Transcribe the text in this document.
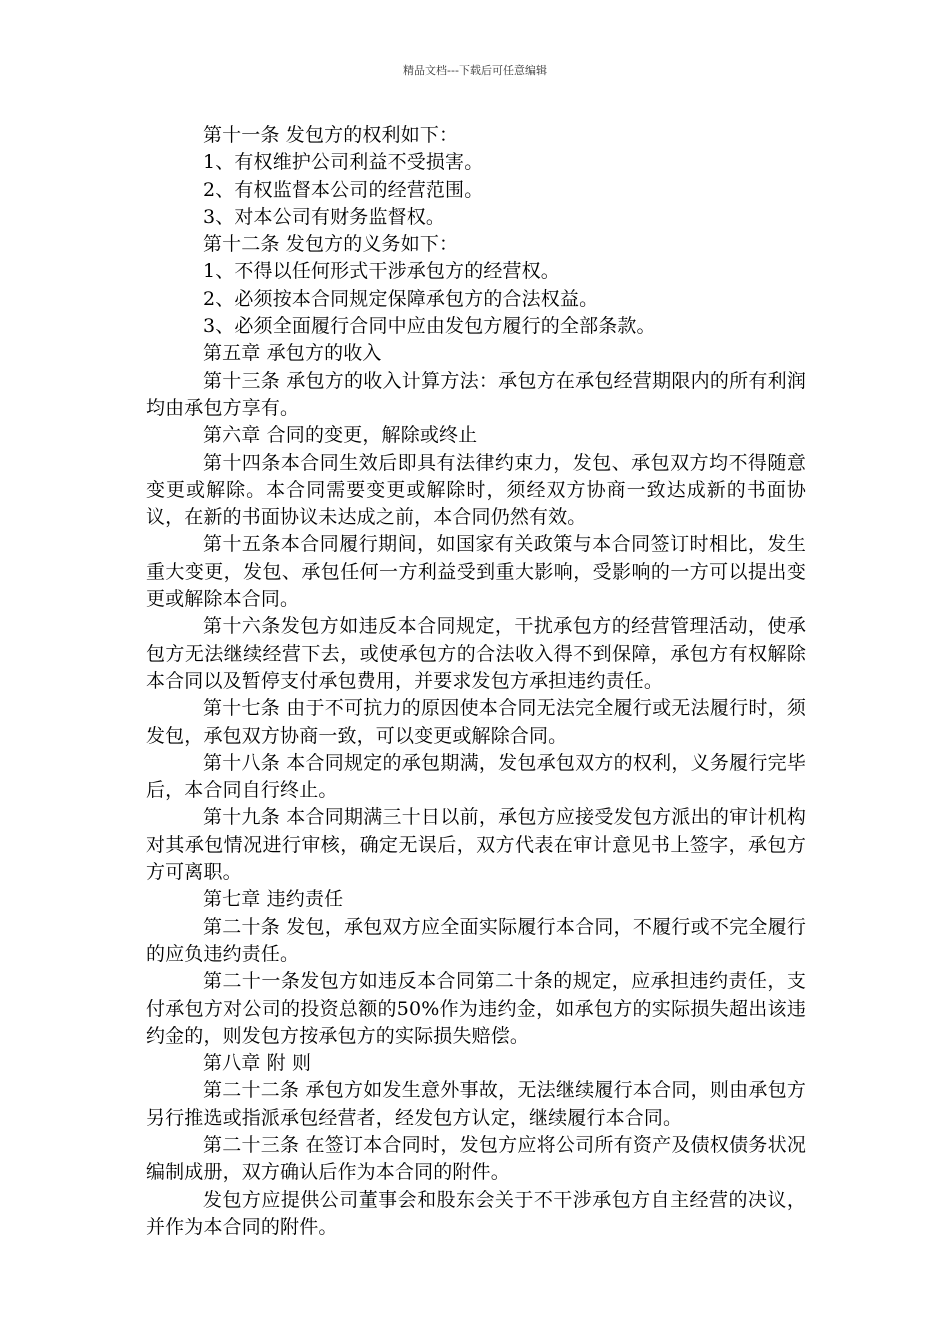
精品文档---下载后可任意编辑

第十一条 发包方的权利如下：

1、有权维护公司利益不受损害。

2、有权监督本公司的经营范围。

3、对本公司有财务监督权。

第十二条 发包方的义务如下：

1、不得以任何形式干涉承包方的经营权。

2、必须按本合同规定保障承包方的合法权益。

3、必须全面履行合同中应由发包方履行的全部条款。

第五章 承包方的收入

第十三条 承包方的收入计算方法：承包方在承包经营期限内的所有利润均由承包方享有。

第六章 合同的变更，解除或终止

第十四条本合同生效后即具有法律约束力，发包、承包双方均不得随意变更或解除。本合同需要变更或解除时，须经双方协商一致达成新的书面协议，在新的书面协议未达成之前，本合同仍然有效。

第十五条本合同履行期间，如国家有关政策与本合同签订时相比，发生重大变更，发包、承包任何一方利益受到重大影响，受影响的一方可以提出变更或解除本合同。

第十六条发包方如违反本合同规定，干扰承包方的经营管理活动，使承包方无法继续经营下去，或使承包方的合法收入得不到保障，承包方有权解除本合同以及暂停支付承包费用，并要求发包方承担违约责任。

第十七条 由于不可抗力的原因使本合同无法完全履行或无法履行时，须发包，承包双方协商一致，可以变更或解除合同。

第十八条 本合同规定的承包期满，发包承包双方的权利，义务履行完毕后，本合同自行终止。

第十九条 本合同期满三十日以前，承包方应接受发包方派出的审计机构对其承包情况进行审核，确定无误后，双方代表在审计意见书上签字，承包方方可离职。

第七章 违约责任

第二十条 发包，承包双方应全面实际履行本合同，不履行或不完全履行的应负违约责任。

第二十一条发包方如违反本合同第二十条的规定，应承担违约责任，支付承包方对公司的投资总额的50%作为违约金，如承包方的实际损失超出该违约金的，则发包方按承包方的实际损失赔偿。

第八章 附 则

第二十二条 承包方如发生意外事故，无法继续履行本合同，则由承包方另行推选或指派承包经营者，经发包方认定，继续履行本合同。

第二十三条 在签订本合同时，发包方应将公司所有资产及债权债务状况编制成册，双方确认后作为本合同的附件。

发包方应提供公司董事会和股东会关于不干涉承包方自主经营的决议，并作为本合同的附件。
